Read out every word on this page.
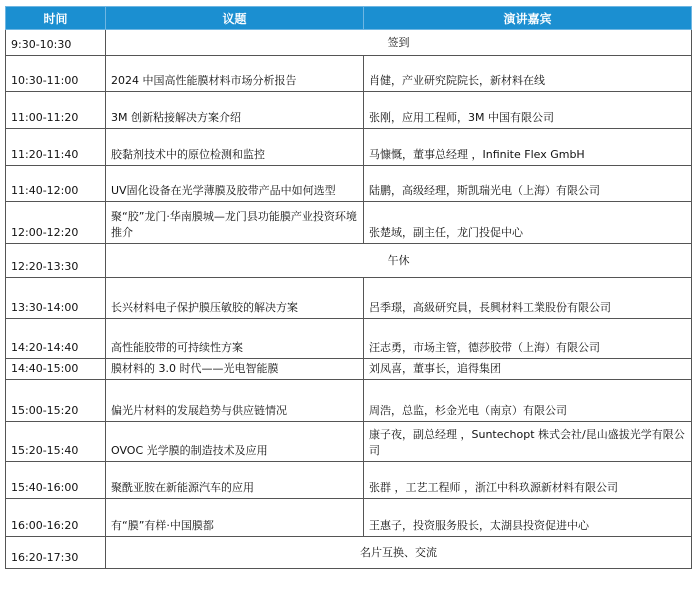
时间	议题	演讲嘉宾
9:30-10:30	签到	
10:30-11:00	2024 中国高性能膜材料市场分析报告	肖健，产业研究院院长，新材料在线
11:00-11:20	3M 创新粘接解决方案介绍	张刚，应用工程师，3M 中国有限公司
11:20-11:40	胶黏剂技术中的原位检测和监控	马慷慨，董事总经理 ，Infinite Flex GmbH
11:40-12:00	UV固化设备在光学薄膜及胶带产品中如何选型	陆鹏，高级经理，斯凯瑞光电（上海）有限公司
12:00-12:20	聚“胶”龙门·华南膜城—龙门县功能膜产业投资环境推介	张楚域，副主任，龙门投促中心
12:20-13:30	午休	
13:30-14:00	长兴材料电子保护膜压敏胶的解决方案	呂季璟，高級研究員，長興材料工業股份有限公司
14:20-14:40	高性能胶带的可持续性方案	汪志勇，市场主管，德莎胶带（上海）有限公司
14:40-15:00	膜材料的 3.0 时代——光电智能膜	刘凤喜，董事长，追得集团
15:00-15:20	偏光片材料的发展趋势与供应链情况	周浩，总监，杉金光电（南京）有限公司
15:20-15:40	OVOC 光学膜的制造技术及应用	康子夜，副总经理 ，Suntechopt 株式会社/昆山盛拔光学有限公司
15:40-16:00	聚酰亚胺在新能源汽车的应用	张群 ，工艺工程师 ，浙江中科玖源新材料有限公司
16:00-16:20	有“膜”有样·中国膜都	王惠子，投资服务股长，太湖县投资促进中心
16:20-17:30	名片互换、交流	
